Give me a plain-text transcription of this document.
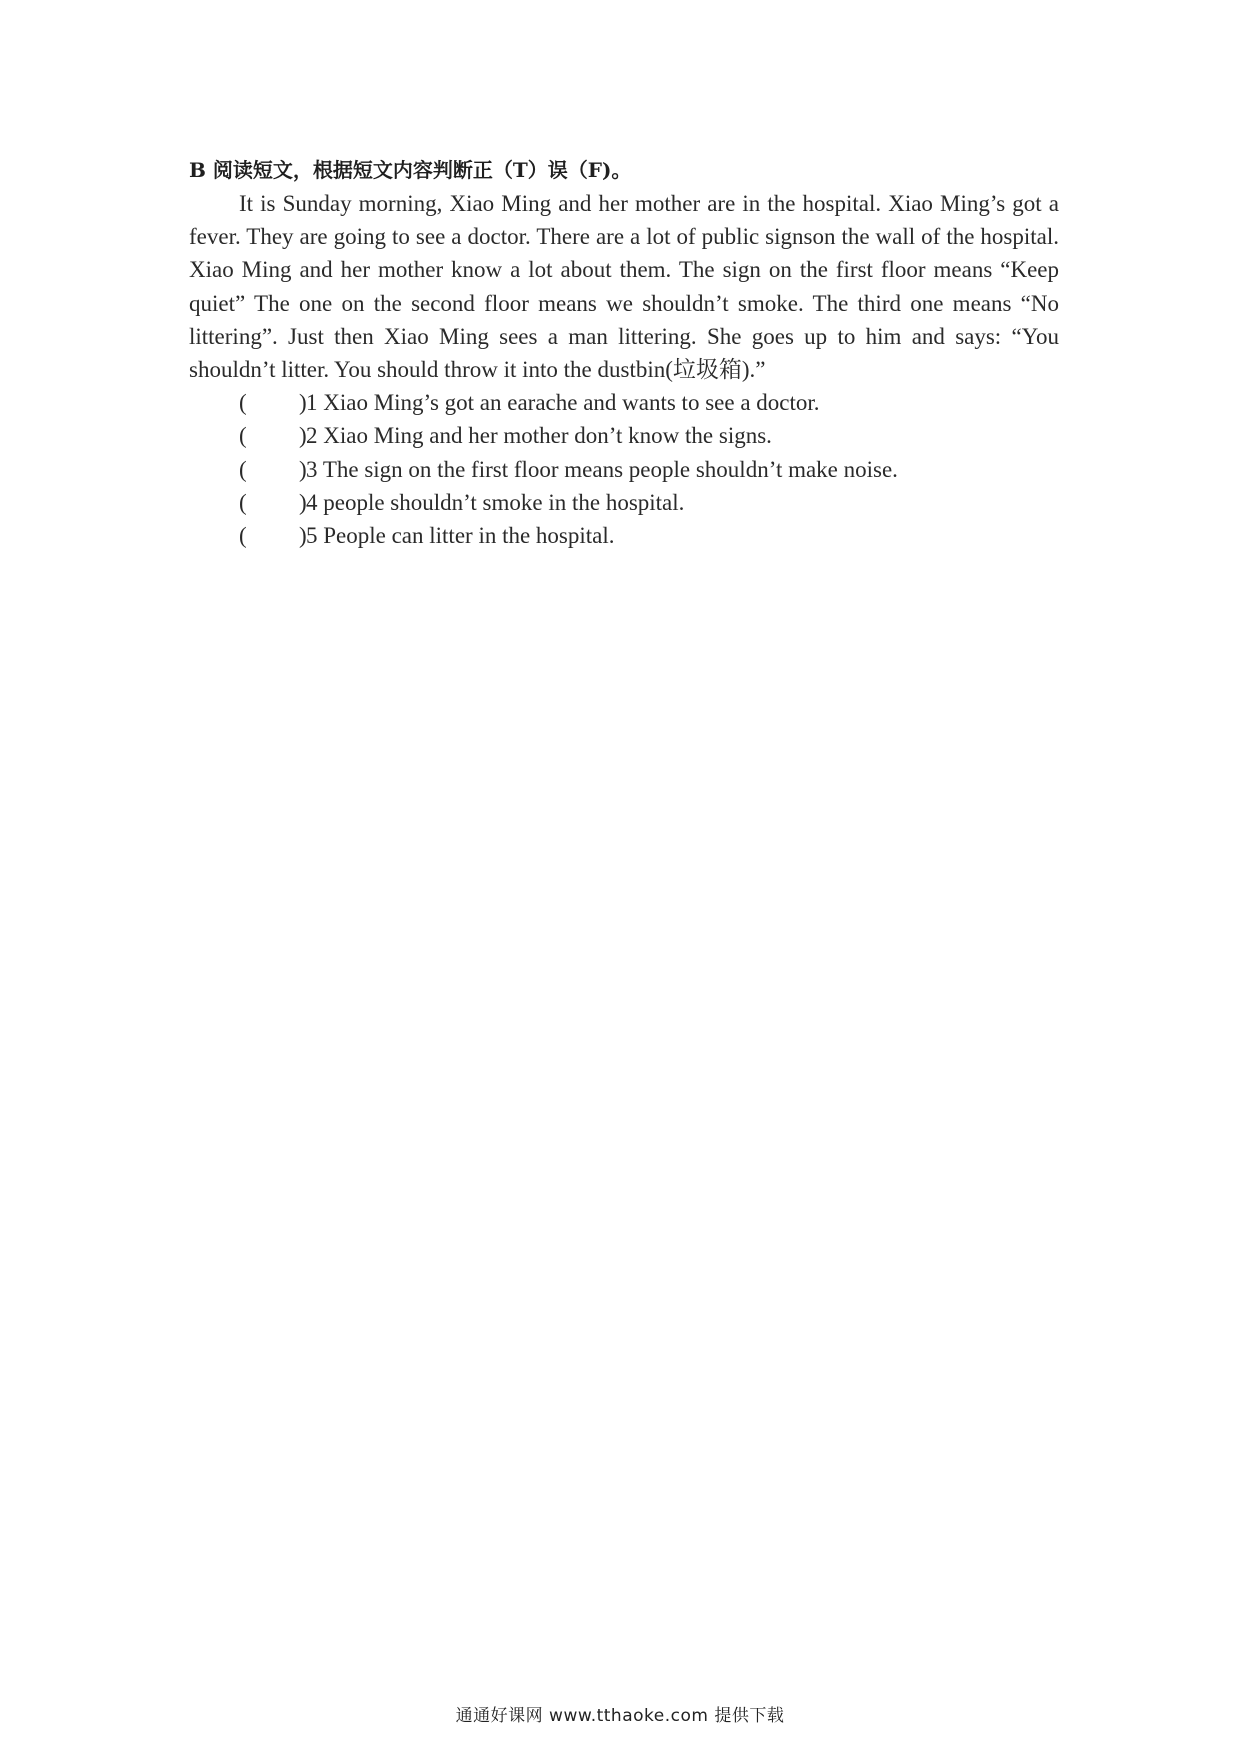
B 阅读短文，根据短文内容判断正（T）误（F)。

It is Sunday morning, Xiao Ming and her mother are in the hospital. Xiao Ming’s got a fever. They are going to see a doctor. There are a lot of public signson the wall of the hospital. Xiao Ming and her mother know a lot about them. The sign on the first floor means “Keep quiet” The one on the second floor means we shouldn’t smoke. The third one means “No littering”. Just then Xiao Ming sees a man littering. She goes up to him and says: “You shouldn’t litter. You should throw it into the dustbin(垃圾箱).”

( ) 1 Xiao Ming’s got an earache and wants to see a doctor.
( ) 2 Xiao Ming and her mother don’t know the signs.
( ) 3 The sign on the first floor means people shouldn’t make noise.
( ) 4 people shouldn’t smoke in the hospital.
( ) 5 People can litter in the hospital.
通通好课网 www.tthaoke.com 提供下载
